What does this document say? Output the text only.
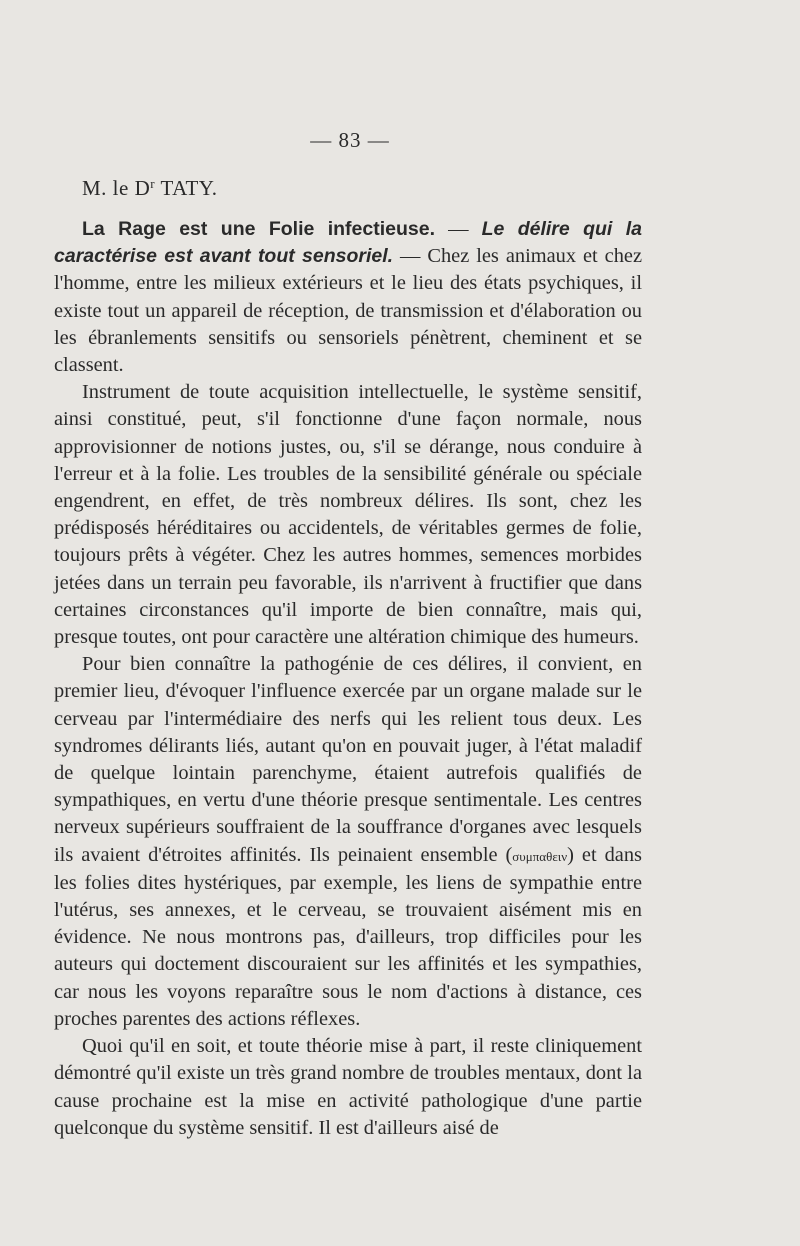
— 83 —
M. le $D^r$ TATY.

La Rage est une Folie infectieuse. — Le délire qui la caractérise est avant tout sensoriel. — Chez les animaux et chez l'homme, entre les milieux extérieurs et le lieu des états psychiques, il existe tout un appareil de réception, de transmission et d'élaboration ou les ébranlements sensitifs ou sensoriels pénètrent, cheminent et se classent.

Instrument de toute acquisition intellectuelle, le système sensitif, ainsi constitué, peut, s'il fonctionne d'une façon normale, nous approvisionner de notions justes, ou, s'il se dérange, nous conduire à l'erreur et à la folie. Les troubles de la sensibilité générale ou spéciale engendrent, en effet, de très nombreux délires. Ils sont, chez les prédisposés héréditaires ou accidentels, de véritables germes de folie, toujours prêts à végéter. Chez les autres hommes, semences morbides jetées dans un terrain peu favorable, ils n'arrivent à fructifier que dans certaines circonstances qu'il importe de bien connaître, mais qui, presque toutes, ont pour caractère une altération chimique des humeurs.

Pour bien connaître la pathogénie de ces délires, il convient, en premier lieu, d'évoquer l'influence exercée par un organe malade sur le cerveau par l'intermédiaire des nerfs qui les relient tous deux. Les syndromes délirants liés, autant qu'on en pouvait juger, à l'état maladif de quelque lointain parenchyme, étaient autrefois qualifiés de sympathiques, en vertu d'une théorie presque sentimentale. Les centres nerveux supérieurs souffraient de la souffrance d'organes avec lesquels ils avaient d'étroites affinités. Ils peinaient ensemble (συμπαθειν) et dans les folies dites hystériques, par exemple, les liens de sympathie entre l'utérus, ses annexes, et le cerveau, se trouvaient aisément mis en évidence. Ne nous montrons pas, d'ailleurs, trop difficiles pour les auteurs qui doctement discouraient sur les affinités et les sympathies, car nous les voyons reparaître sous le nom d'actions à distance, ces proches parentes des actions réflexes.

Quoi qu'il en soit, et toute théorie mise à part, il reste cliniquement démontré qu'il existe un très grand nombre de troubles mentaux, dont la cause prochaine est la mise en activité pathologique d'une partie quelconque du système sensitif. Il est d'ailleurs aisé de
